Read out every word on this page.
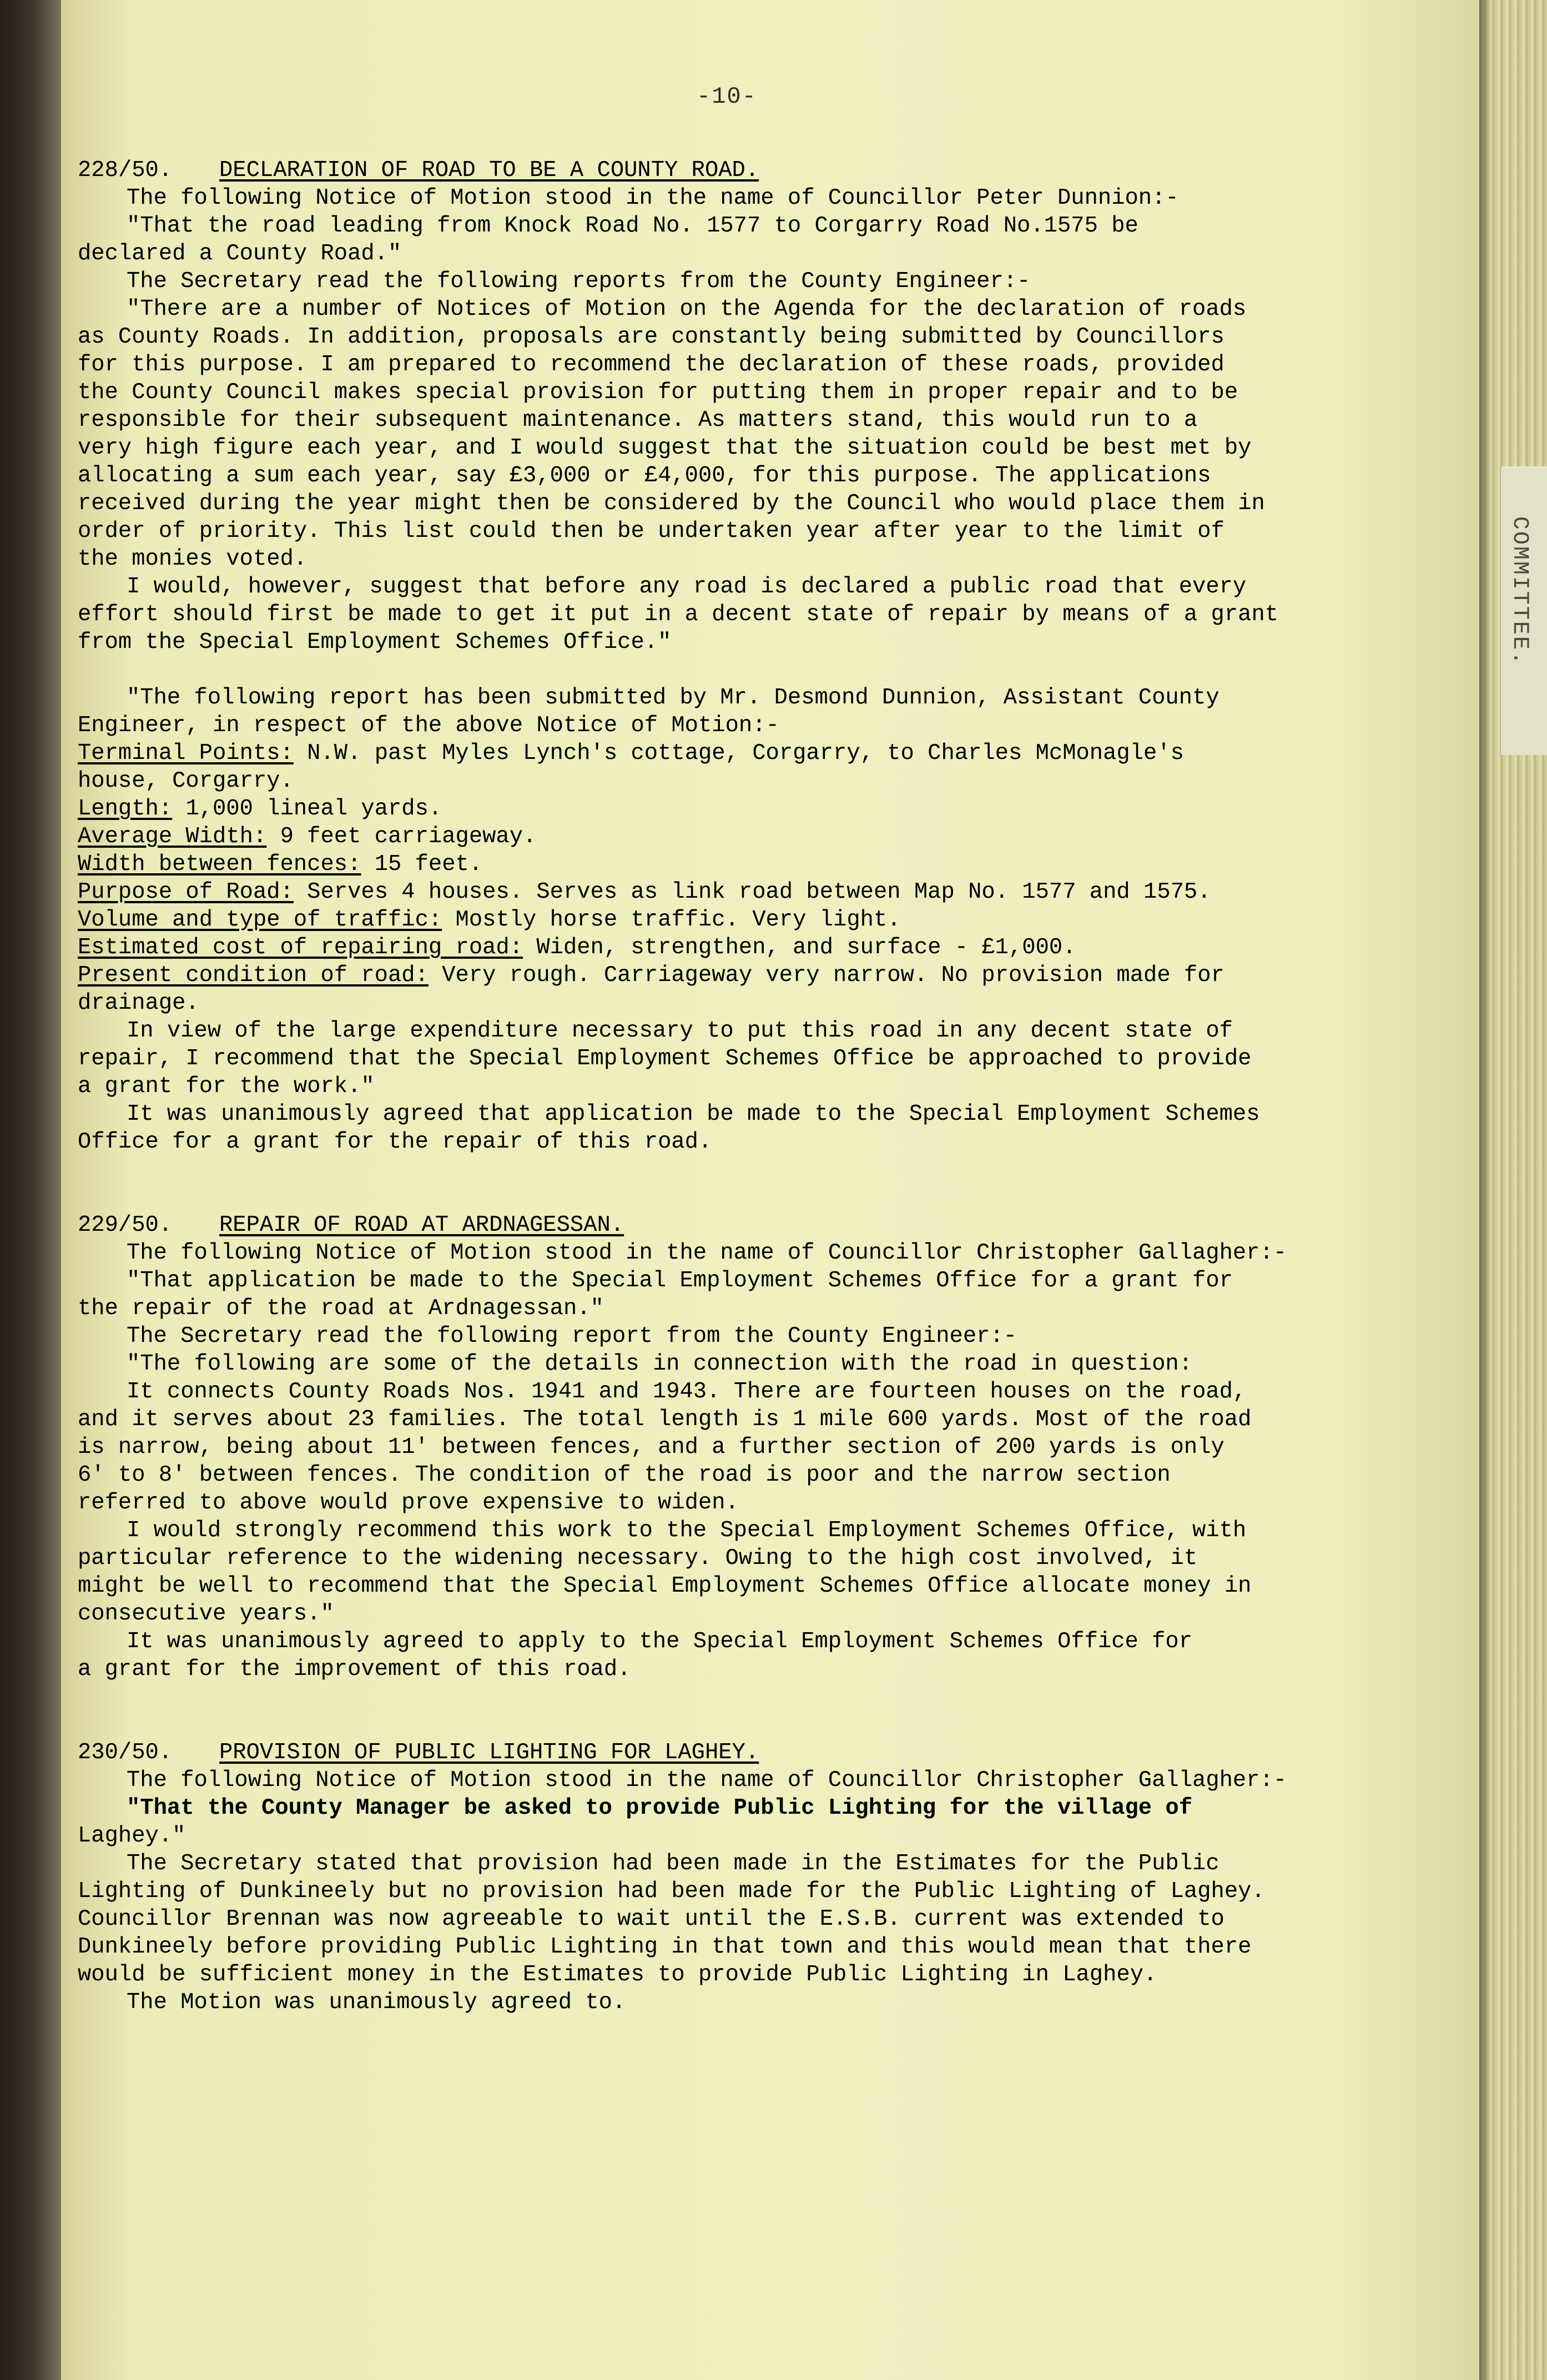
COMMITTEE.
-10-
228/50.	DECLARATION OF ROAD TO BE A COUNTY ROAD.
The following Notice of Motion stood in the name of Councillor Peter Dunnion:-
"That the road leading from Knock Road No. 1577 to Corgarry Road No.1575 be
declared a County Road."
The Secretary read the following reports from the County Engineer:-
"There are a number of Notices of Motion on the Agenda for the declaration of roads
as County Roads. In addition, proposals are constantly being submitted by Councillors
for this purpose. I am prepared to recommend the declaration of these roads, provided
the County Council makes special provision for putting them in proper repair and to be
responsible for their subsequent maintenance. As matters stand, this would run to a
very high figure each year, and I would suggest that the situation could be best met by
allocating a sum each year, say £3,000 or £4,000, for this purpose. The applications
received during the year might then be considered by the Council who would place them in
order of priority. This list could then be undertaken year after year to the limit of
the monies voted.
I would, however, suggest that before any road is declared a public road that every
effort should first be made to get it put in a decent state of repair by means of a grant
from the Special Employment Schemes Office."
"The following report has been submitted by Mr. Desmond Dunnion, Assistant County
Engineer, in respect of the above Notice of Motion:-
Terminal Points: N.W. past Myles Lynch's cottage, Corgarry, to Charles McMonagle's
house, Corgarry.
Length: 1,000 lineal yards.
Average Width: 9 feet carriageway.
Width between fences: 15 feet.
Purpose of Road: Serves 4 houses. Serves as link road between Map No. 1577 and 1575.
Volume and type of traffic: Mostly horse traffic. Very light.
Estimated cost of repairing road: Widen, strengthen, and surface - £1,000.
Present condition of road: Very rough. Carriageway very narrow. No provision made for
drainage.
In view of the large expenditure necessary to put this road in any decent state of
repair, I recommend that the Special Employment Schemes Office be approached to provide
a grant for the work."
It was unanimously agreed that application be made to the Special Employment Schemes
Office for a grant for the repair of this road.
229/50.	REPAIR OF ROAD AT ARDNAGESSAN.
The following Notice of Motion stood in the name of Councillor Christopher Gallagher:-
"That application be made to the Special Employment Schemes Office for a grant for
the repair of the road at Ardnagessan."
The Secretary read the following report from the County Engineer:-
"The following are some of the details in connection with the road in question:
It connects County Roads Nos. 1941 and 1943. There are fourteen houses on the road,
and it serves about 23 families. The total length is 1 mile 600 yards. Most of the road
is narrow, being about 11' between fences, and a further section of 200 yards is only
6' to 8' between fences. The condition of the road is poor and the narrow section
referred to above would prove expensive to widen.
I would strongly recommend this work to the Special Employment Schemes Office, with
particular reference to the widening necessary. Owing to the high cost involved, it
might be well to recommend that the Special Employment Schemes Office allocate money in
consecutive years."
It was unanimously agreed to apply to the Special Employment Schemes Office for
a grant for the improvement of this road.
230/50.	PROVISION OF PUBLIC LIGHTING FOR LAGHEY.
The following Notice of Motion stood in the name of Councillor Christopher Gallagher:-
"That the County Manager be asked to provide Public Lighting for the village of
Laghey."
The Secretary stated that provision had been made in the Estimates for the Public
Lighting of Dunkineely but no provision had been made for the Public Lighting of Laghey.
Councillor Brennan was now agreeable to wait until the E.S.B. current was extended to
Dunkineely before providing Public Lighting in that town and this would mean that there
would be sufficient money in the Estimates to provide Public Lighting in Laghey.
The Motion was unanimously agreed to.
